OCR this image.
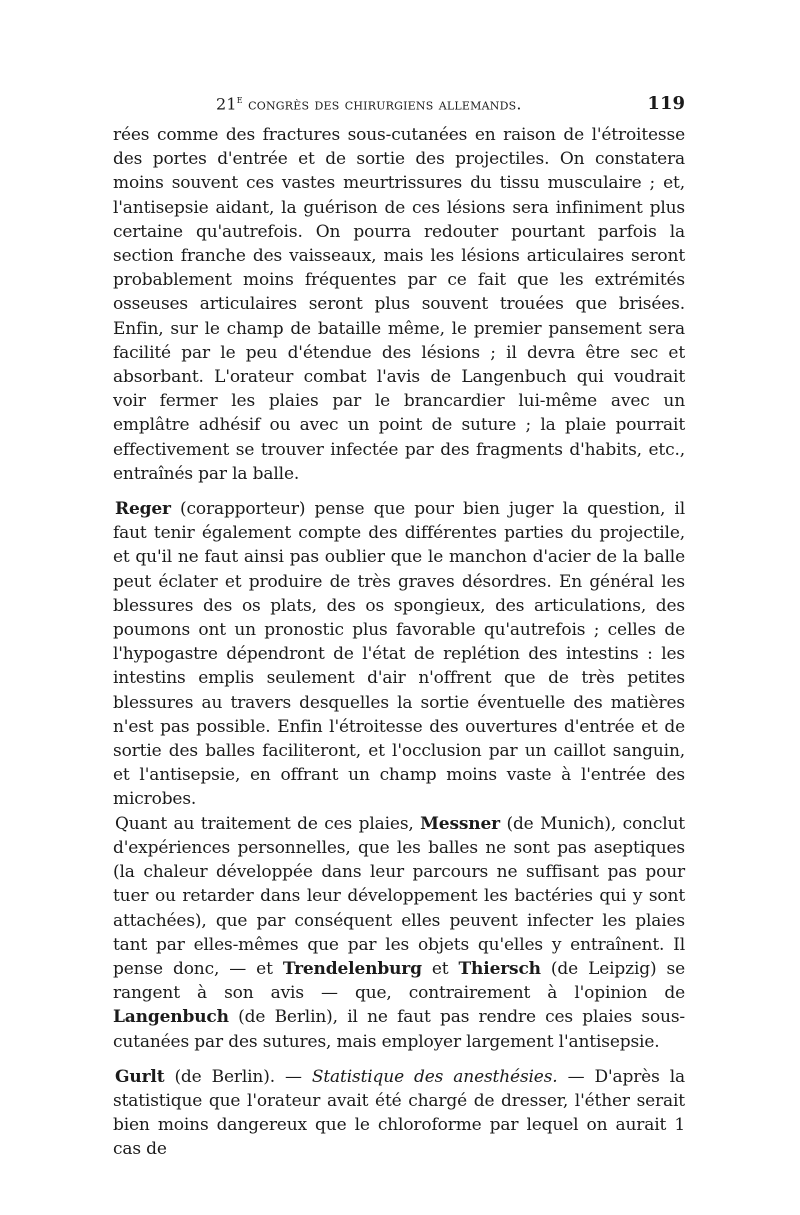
21e congrès des chirurgiens allemands.	119

rées comme des fractures sous-cutanées en raison de l'étroitesse des portes d'entrée et de sortie des projectiles. On constatera moins souvent ces vastes meurtrissures du tissu musculaire ; et, l'antisepsie aidant, la guérison de ces lésions sera infiniment plus certaine qu'autrefois. On pourra redouter pourtant parfois la section franche des vaisseaux, mais les lésions articulaires seront probablement moins fréquentes par ce fait que les extrémités osseuses articulaires seront plus souvent trouées que brisées. Enfin, sur le champ de bataille même, le premier pansement sera facilité par le peu d'étendue des lésions ; il devra être sec et absorbant. L'orateur combat l'avis de Langenbuch qui voudrait voir fermer les plaies par le brancardier lui-même avec un emplâtre adhésif ou avec un point de suture ; la plaie pourrait effectivement se trouver infectée par des fragments d'habits, etc., entraînés par la balle.

Reger (corapporteur) pense que pour bien juger la question, il faut tenir également compte des différentes parties du projectile, et qu'il ne faut ainsi pas oublier que le manchon d'acier de la balle peut éclater et produire de très graves désordres. En général les blessures des os plats, des os spongieux, des articulations, des poumons ont un pronostic plus favorable qu'autrefois ; celles de l'hypogastre dépendront de l'état de replétion des intestins : les intestins emplis seulement d'air n'offrent que de très petites blessures au travers desquelles la sortie éventuelle des matières n'est pas possible. Enfin l'étroitesse des ouvertures d'entrée et de sortie des balles faciliteront, et l'occlusion par un caillot sanguin, et l'antisepsie, en offrant un champ moins vaste à l'entrée des microbes.

Quant au traitement de ces plaies, Messner (de Munich), conclut d'expériences personnelles, que les balles ne sont pas aseptiques (la chaleur développée dans leur parcours ne suffisant pas pour tuer ou retarder dans leur développement les bactéries qui y sont attachées), que par conséquent elles peuvent infecter les plaies tant par elles-mêmes que par les objets qu'elles y entraînent. Il pense donc, — et Trendelenburg et Thiersch (de Leipzig) se rangent à son avis — que, contrairement à l'opinion de Langenbuch (de Berlin), il ne faut pas rendre ces plaies sous-cutanées par des sutures, mais employer largement l'antisepsie.

Gurlt (de Berlin). — Statistique des anesthésies. — D'après la statistique que l'orateur avait été chargé de dresser, l'éther serait bien moins dangereux que le chloroforme par lequel on aurait 1 cas de
